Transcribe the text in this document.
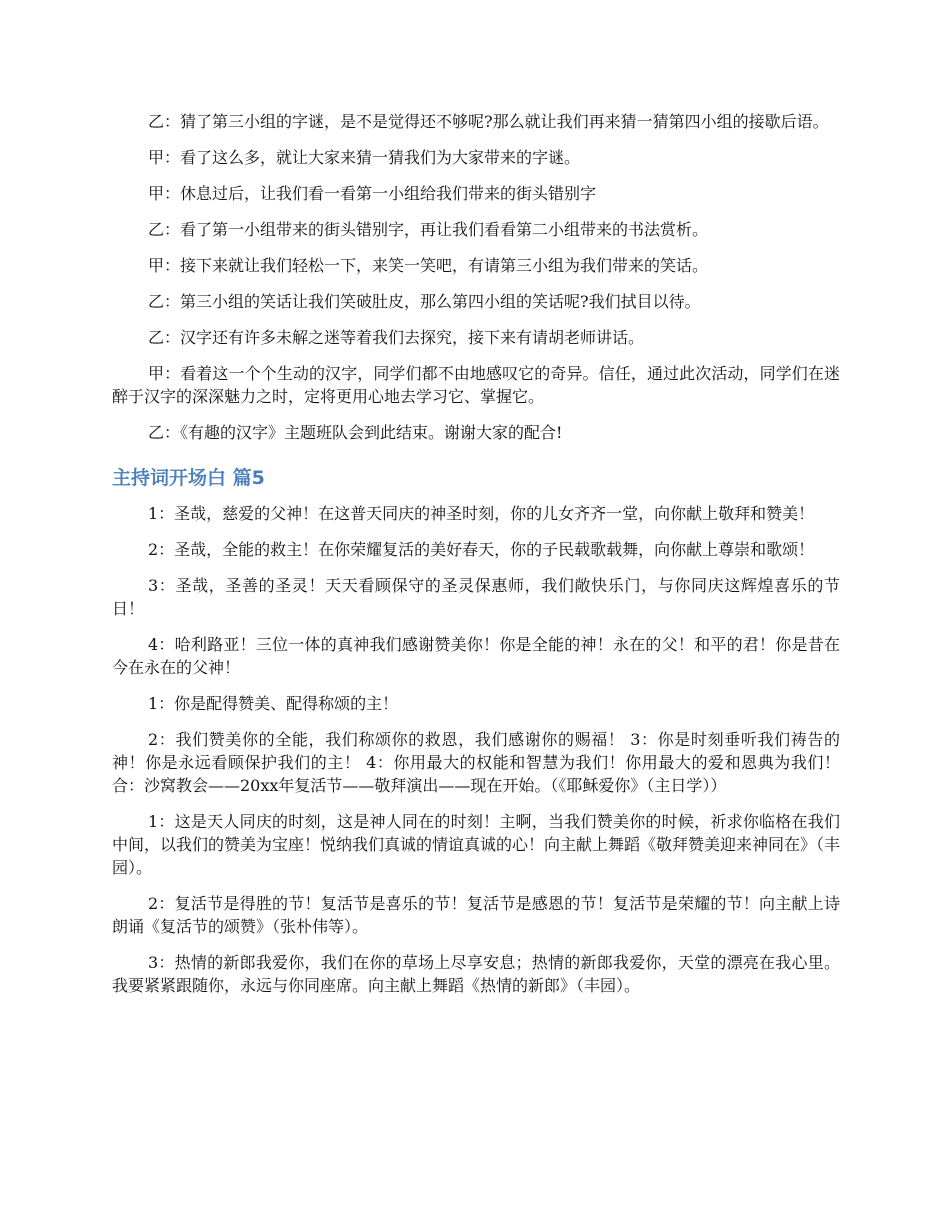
乙：猜了第三小组的字谜，是不是觉得还不够呢?那么就让我们再来猜一猜第四小组的接歇后语。

甲：看了这么多，就让大家来猜一猜我们为大家带来的字谜。

甲：休息过后，让我们看一看第一小组给我们带来的街头错别字

乙：看了第一小组带来的街头错别字，再让我们看看第二小组带来的书法赏析。

甲：接下来就让我们轻松一下，来笑一笑吧，有请第三小组为我们带来的笑话。

乙：第三小组的笑话让我们笑破肚皮，那么第四小组的笑话呢?我们拭目以待。

乙：汉字还有许多未解之迷等着我们去探究，接下来有请胡老师讲话。

甲：看着这一个个生动的汉字，同学们都不由地感叹它的奇异。信任，通过此次活动，同学们在迷醉于汉字的深深魅力之时，定将更用心地去学习它、掌握它。

乙：《有趣的汉字》主题班队会到此结束。谢谢大家的配合!

主持词开场白 篇5

1：圣哉，慈爱的父神！在这普天同庆的神圣时刻，你的儿女齐齐一堂，向你献上敬拜和赞美！

2：圣哉，全能的救主！在你荣耀复活的美好春天，你的子民载歌载舞，向你献上尊崇和歌颂！

3：圣哉，圣善的圣灵！天天看顾保守的圣灵保惠师，我们敞快乐门，与你同庆这辉煌喜乐的节日！

4：哈利路亚！三位一体的真神我们感谢赞美你！你是全能的神！永在的父！和平的君！你是昔在今在永在的父神！

1：你是配得赞美、配得称颂的主！

2：我们赞美你的全能，我们称颂你的救恩，我们感谢你的赐福！ 3：你是时刻垂听我们祷告的神！你是永远看顾保护我们的主！ 4：你用最大的权能和智慧为我们！你用最大的爱和恩典为我们！ 合：沙窝教会——20xx年复活节——敬拜演出——现在开始。（《耶稣爱你》（主日学））

1：这是天人同庆的时刻，这是神人同在的时刻！主啊，当我们赞美你的时候，祈求你临格在我们中间，以我们的赞美为宝座！悦纳我们真诚的情谊真诚的心！向主献上舞蹈《敬拜赞美迎来神同在》（丰园）。

2：复活节是得胜的节！复活节是喜乐的节！复活节是感恩的节！复活节是荣耀的节！向主献上诗朗诵《复活节的颂赞》（张朴伟等）。

3：热情的新郎我爱你，我们在你的草场上尽享安息；热情的新郎我爱你，天堂的漂亮在我心里。我要紧紧跟随你，永远与你同座席。向主献上舞蹈《热情的新郎》（丰园）。
